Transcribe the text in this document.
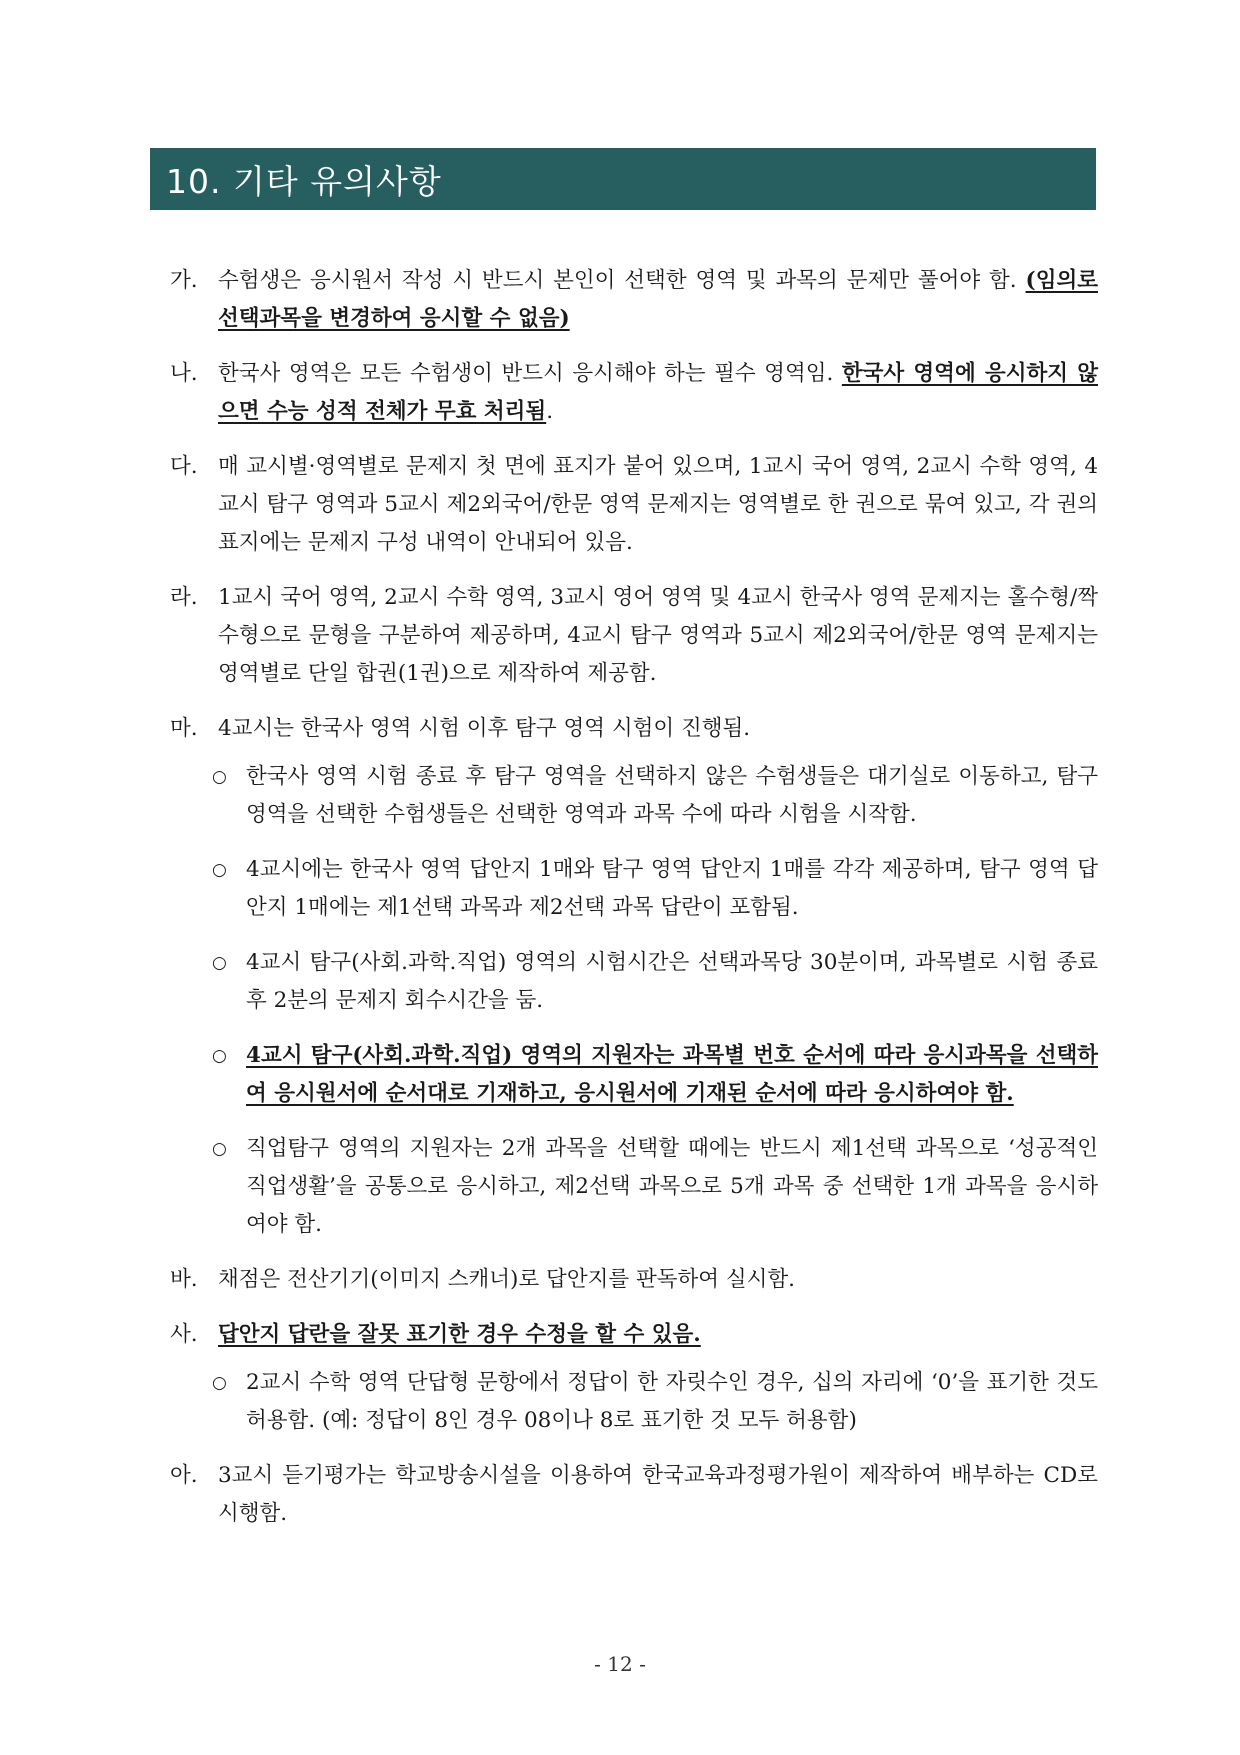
10. 기타 유의사항
가. 수험생은 응시원서 작성 시 반드시 본인이 선택한 영역 및 과목의 문제만 풀어야 함. (임의로 선택과목을 변경하여 응시할 수 없음)
나. 한국사 영역은 모든 수험생이 반드시 응시해야 하는 필수 영역임. 한국사 영역에 응시하지 않으면 수능 성적 전체가 무효 처리됨.
다. 매 교시별·영역별로 문제지 첫 면에 표지가 붙어 있으며, 1교시 국어 영역, 2교시 수학 영역, 4교시 탐구 영역과 5교시 제2외국어/한문 영역 문제지는 영역별로 한 권으로 묶여 있고, 각 권의 표지에는 문제지 구성 내역이 안내되어 있음.
라. 1교시 국어 영역, 2교시 수학 영역, 3교시 영어 영역 및 4교시 한국사 영역 문제지는 홀수형/짝수형으로 문형을 구분하여 제공하며, 4교시 탐구 영역과 5교시 제2외국어/한문 영역 문제지는 영역별로 단일 합권(1권)으로 제작하여 제공함.
마. 4교시는 한국사 영역 시험 이후 탐구 영역 시험이 진행됨.
○ 한국사 영역 시험 종료 후 탐구 영역을 선택하지 않은 수험생들은 대기실로 이동하고, 탐구 영역을 선택한 수험생들은 선택한 영역과 과목 수에 따라 시험을 시작함.
○ 4교시에는 한국사 영역 답안지 1매와 탐구 영역 답안지 1매를 각각 제공하며, 탐구 영역 답안지 1매에는 제1선택 과목과 제2선택 과목 답란이 포함됨.
○ 4교시 탐구(사회.과학.직업) 영역의 시험시간은 선택과목당 30분이며, 과목별로 시험 종료 후 2분의 문제지 회수시간을 둠.
○ 4교시 탐구(사회.과학.직업) 영역의 지원자는 과목별 번호 순서에 따라 응시과목을 선택하여 응시원서에 순서대로 기재하고, 응시원서에 기재된 순서에 따라 응시하여야 함.
○ 직업탐구 영역의 지원자는 2개 과목을 선택할 때에는 반드시 제1선택 과목으로 ‘성공적인 직업생활’을 공통으로 응시하고, 제2선택 과목으로 5개 과목 중 선택한 1개 과목을 응시하여야 함.
바. 채점은 전산기기(이미지 스캐너)로 답안지를 판독하여 실시함.
사. 답안지 답란을 잘못 표기한 경우 수정을 할 수 있음.
○ 2교시 수학 영역 단답형 문항에서 정답이 한 자릿수인 경우, 십의 자리에 ‘0’을 표기한 것도 허용함. (예: 정답이 8인 경우 08이나 8로 표기한 것 모두 허용함)
아. 3교시 듣기평가는 학교방송시설을 이용하여 한국교육과정평가원이 제작하여 배부하는 CD로 시행함.
- 12 -
